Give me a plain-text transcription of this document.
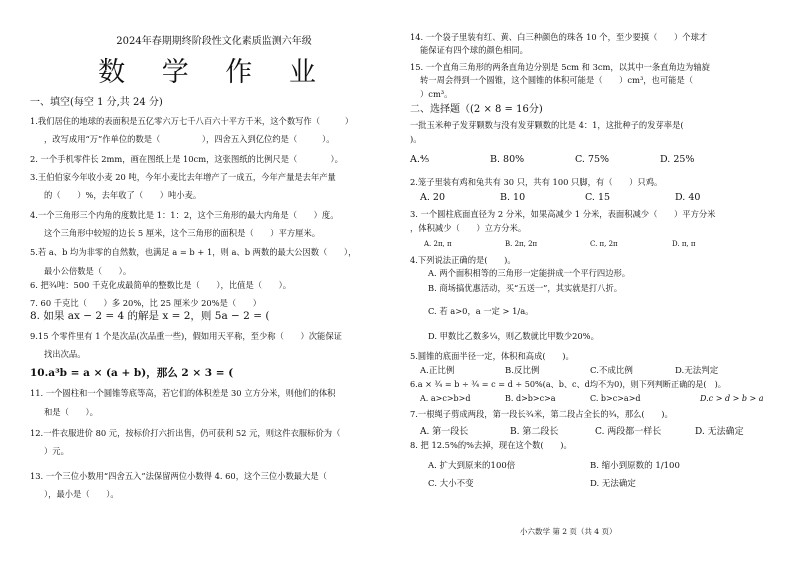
2024年春期期终阶段性文化素质监测六年级
数 学 作 业
一、填空(每空 1 分,共 24 分)
1.我们居住的地球的表面积是五亿零六万七千八百六十平方千米，这个数写作（　　　）
，改写成用“万”作单位的数是（　　　　　），四舍五入到亿位约是（　　　）。
2. 一个手机零件长 2mm，画在图纸上是 10cm，这张图纸的比例尺是（　　　　）。
3.王伯伯家今年收小麦 20 吨，今年小麦比去年增产了一成五，今年产量是去年产量
的（　　）%，去年收了（　　）吨小麦。
4.一个三角形三个内角的度数比是 1：1：2，这个三角形的最大内角是（　　）度。
这个三角形中较短的边长 5 厘米，这个三角形的面积是（　　）平方厘米。
5.若 a、b 均为非零的自然数，也满足 a = b + 1，则 a、b 两数的最大公因数（　　），
最小公倍数是（　　）。
6. 把¾吨：500 千克化成最简单的整数比是（　　），比值是（　　）。
7. 60 千克比（　　）多 20%，比 25 厘米少 20%是（　　）
8. 如果 ax − 2 = 4 的解是 x = 2，则 5a − 2 = (
9.15 个零件里有 1 个是次品(次品重一些)，假如用天平称，至少称（　　）次能保证
找出次品。
10.a³b = a × (a + b)，那么 2 × 3 = (
11. 一个圆柱和一个圆锥等底等高，若它们的体积差是 30 立方分米，则他们的体积
和是（　　）。
12.一件衣服进价 80 元，按标价打六折出售，仍可获利 52 元，则这件衣服标价为（
）元。
13. 一个三位小数用“四舍五入”法保留两位小数得 4. 60，这个三位小数最大是（
），最小是（　　）。
14. 一个袋子里装有红、黄、白三种颜色的珠各 10 个，至少要摸（　　）个球才
能保证有四个球的颜色相同。
15. 一个直角三角形的两条直角边分别是 5cm 和 3cm，以其中一条直角边为轴旋
转一周会得到一个圆锥，这个圆锥的体积可能是（　　）cm³，也可能是（
）cm³。
二、选择题（(2 × 8 = 16分)
一批玉米种子发芽颗数与没有发芽颗数的比是 4：1，这批种子的发芽率是(
)。
A.⁴⁄₅	B. 80%	C. 75%	D. 25%
2.笼子里装有鸡和兔共有 30 只，共有 100 只脚，有（　　）只鸡。
A. 20	B. 10	C. 15	D. 40
3. 一个圆柱底面直径为 2 分米，如果高减少 1 分米，表面积减少（　　）平方分米
，体积减少（　　）立方分米。
A. 2π, π	B. 2π, 2π	C. π, 2π	D. π, π
4.下列说法正确的是(　　)。
A. 两个面积相等的三角形一定能拼成一个平行四边形。
B. 商场搞优惠活动，买“五送一”，其实就是打八折。
C. 若 a>0，a 一定 > 1/a。
D. 甲数比乙数多¼，则乙数就比甲数少20%。
5.圆锥的底面半径一定，体积和高成(　　)。
A.正比例	B.反比例	C.不成比例	D.无法判定
6.a × ¾ = b ÷ ¾ = c = d ÷ 50%(a、b、c、d均不为0)，则下列判断正确的是(　)。
A. a>c>b>d	B. d>b>c>a	C. b>c>a>d	D.c > d > b > a
7.一根绳子剪成两段，第一段长¾米，第二段占全长的¾，那么(　　)。
A. 第一段长	B. 第二段长	C. 两段都一样长	D. 无法确定
8. 把 12.5%的%去掉，现在这个数(　　)。
A. 扩大到原来的100倍	B. 缩小到原数的 1/100
C. 大小不变	D. 无法确定
小六数学 第 2 页（共 4 页）
